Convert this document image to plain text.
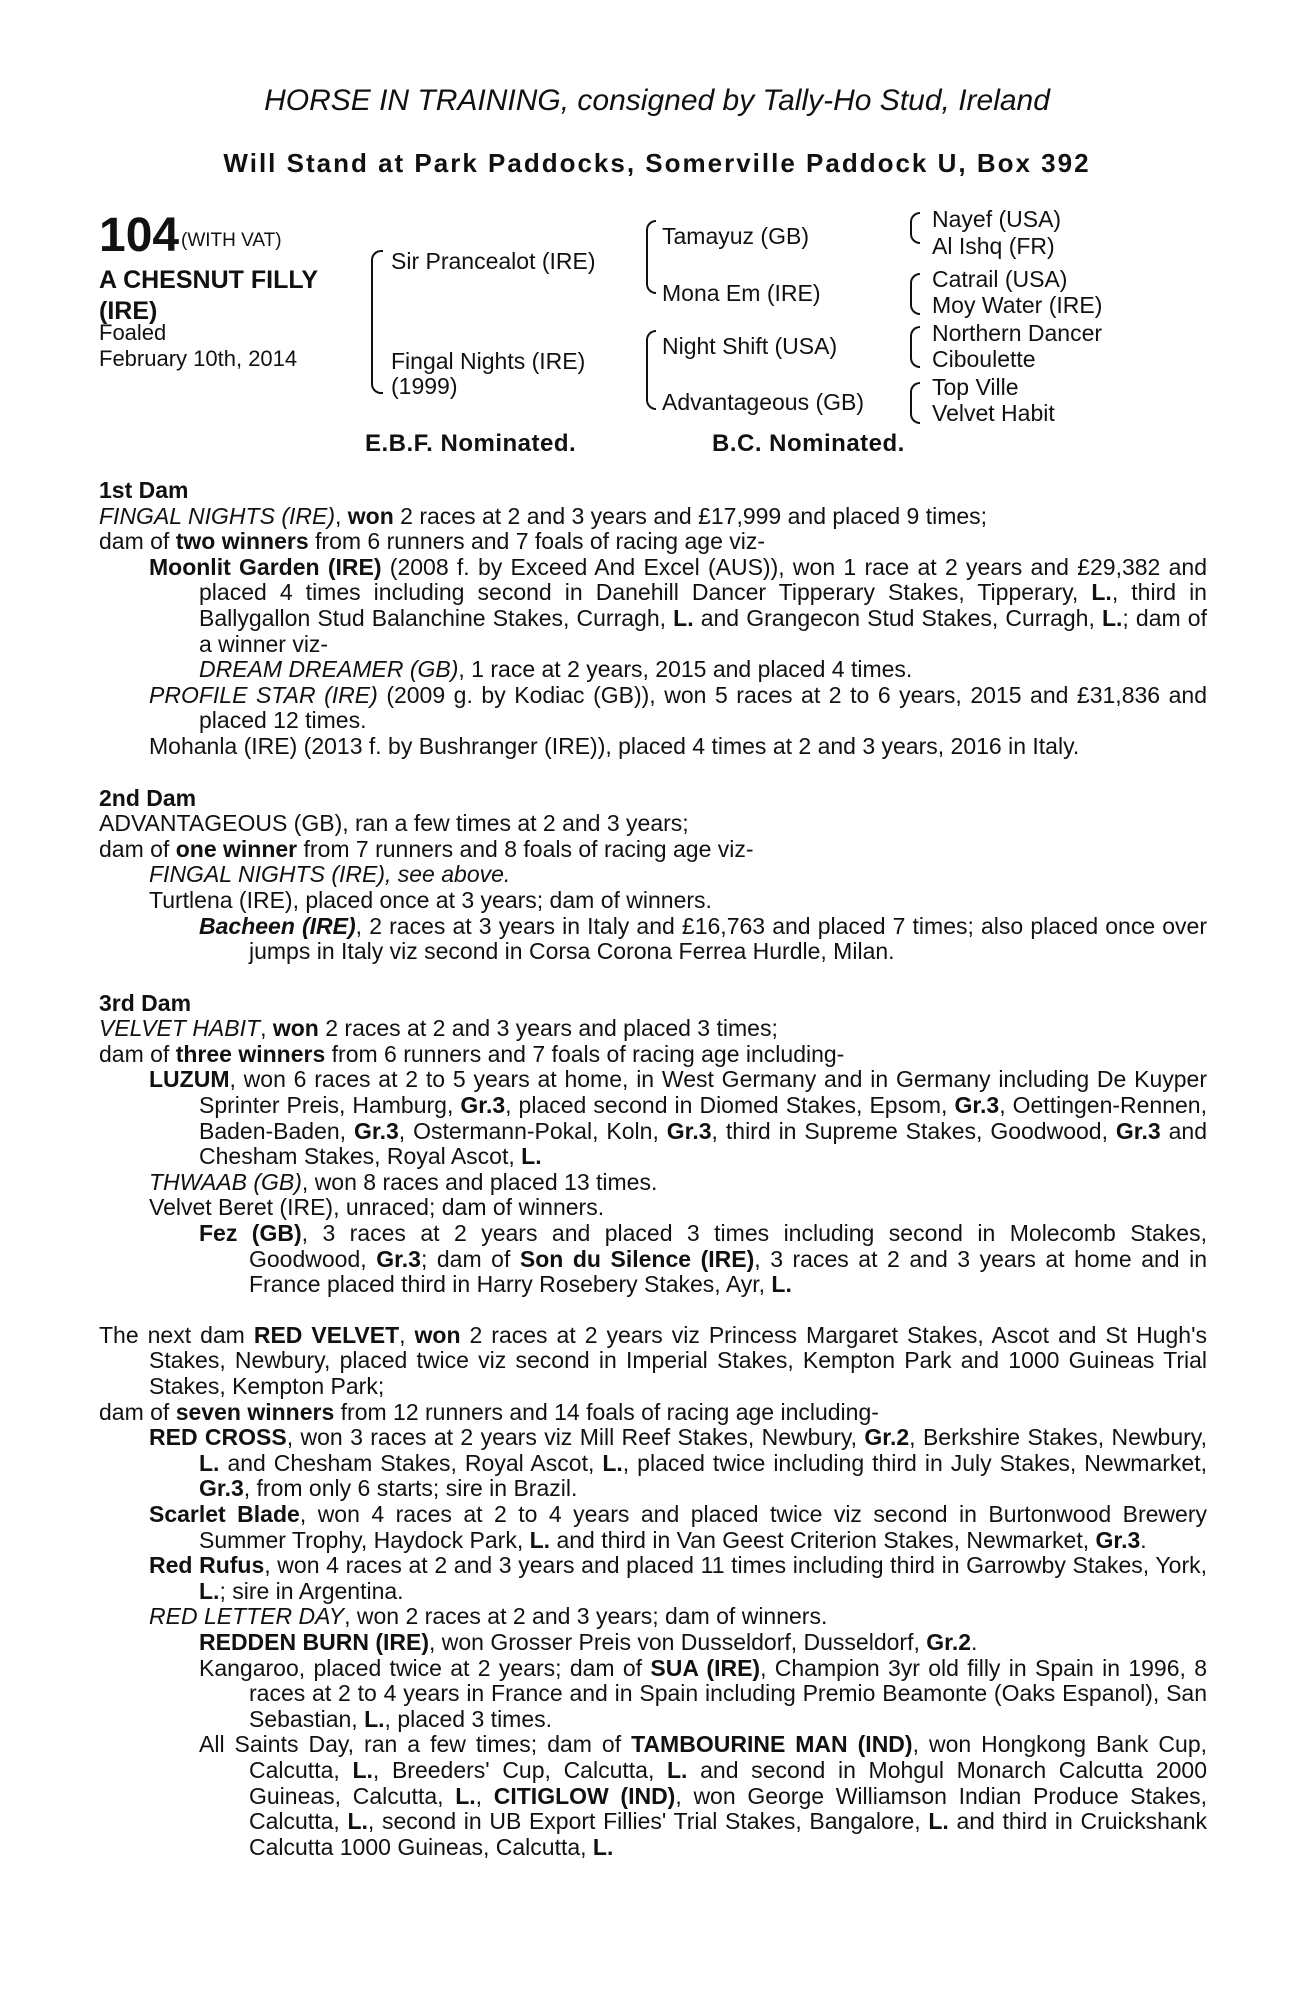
HORSE IN TRAINING, consigned by Tally-Ho Stud, Ireland
Will Stand at Park Paddocks, Somerville Paddock U, Box 392
104 (WITH VAT)
A CHESNUT FILLY
(IRE)
Foaled
February 10th, 2014
Sir Prancealot (IRE)
Fingal Nights (IRE)
(1999)
Tamayuz (GB)
Mona Em (IRE)
Night Shift (USA)
Advantageous (GB)
Nayef (USA)
Al Ishq (FR)
Catrail (USA)
Moy Water (IRE)
Northern Dancer
Ciboulette
Top Ville
Velvet Habit
E.B.F. Nominated.	B.C. Nominated.
1st Dam
FINGAL NIGHTS (IRE), won 2 races at 2 and 3 years and £17,999 and placed 9 times;
dam of two winners from 6 runners and 7 foals of racing age viz-
Moonlit Garden (IRE) (2008 f. by Exceed And Excel (AUS)), won 1 race at 2 years and £29,382 and placed 4 times including second in Danehill Dancer Tipperary Stakes, Tipperary, L., third in Ballygallon Stud Balanchine Stakes, Curragh, L. and Grangecon Stud Stakes, Curragh, L.; dam of a winner viz-
DREAM DREAMER (GB), 1 race at 2 years, 2015 and placed 4 times.
PROFILE STAR (IRE) (2009 g. by Kodiac (GB)), won 5 races at 2 to 6 years, 2015 and £31,836 and placed 12 times.
Mohanla (IRE) (2013 f. by Bushranger (IRE)), placed 4 times at 2 and 3 years, 2016 in Italy.
2nd Dam
ADVANTAGEOUS (GB), ran a few times at 2 and 3 years;
dam of one winner from 7 runners and 8 foals of racing age viz-
FINGAL NIGHTS (IRE), see above.
Turtlena (IRE), placed once at 3 years; dam of winners.
Bacheen (IRE), 2 races at 3 years in Italy and £16,763 and placed 7 times; also placed once over jumps in Italy viz second in Corsa Corona Ferrea Hurdle, Milan.
3rd Dam
VELVET HABIT, won 2 races at 2 and 3 years and placed 3 times;
dam of three winners from 6 runners and 7 foals of racing age including-
LUZUM, won 6 races at 2 to 5 years at home, in West Germany and in Germany including De Kuyper Sprinter Preis, Hamburg, Gr.3, placed second in Diomed Stakes, Epsom, Gr.3, Oettingen-Rennen, Baden-Baden, Gr.3, Ostermann-Pokal, Koln, Gr.3, third in Supreme Stakes, Goodwood, Gr.3 and Chesham Stakes, Royal Ascot, L.
THWAAB (GB), won 8 races and placed 13 times.
Velvet Beret (IRE), unraced; dam of winners.
Fez (GB), 3 races at 2 years and placed 3 times including second in Molecomb Stakes, Goodwood, Gr.3; dam of Son du Silence (IRE), 3 races at 2 and 3 years at home and in France placed third in Harry Rosebery Stakes, Ayr, L.
The next dam RED VELVET, won 2 races at 2 years viz Princess Margaret Stakes, Ascot and St Hugh's Stakes, Newbury, placed twice viz second in Imperial Stakes, Kempton Park and 1000 Guineas Trial Stakes, Kempton Park;
dam of seven winners from 12 runners and 14 foals of racing age including-
RED CROSS, won 3 races at 2 years viz Mill Reef Stakes, Newbury, Gr.2, Berkshire Stakes, Newbury, L. and Chesham Stakes, Royal Ascot, L., placed twice including third in July Stakes, Newmarket, Gr.3, from only 6 starts; sire in Brazil.
Scarlet Blade, won 4 races at 2 to 4 years and placed twice viz second in Burtonwood Brewery Summer Trophy, Haydock Park, L. and third in Van Geest Criterion Stakes, Newmarket, Gr.3.
Red Rufus, won 4 races at 2 and 3 years and placed 11 times including third in Garrowby Stakes, York, L.; sire in Argentina.
RED LETTER DAY, won 2 races at 2 and 3 years; dam of winners.
REDDEN BURN (IRE), won Grosser Preis von Dusseldorf, Dusseldorf, Gr.2.
Kangaroo, placed twice at 2 years; dam of SUA (IRE), Champion 3yr old filly in Spain in 1996, 8 races at 2 to 4 years in France and in Spain including Premio Beamonte (Oaks Espanol), San Sebastian, L., placed 3 times.
All Saints Day, ran a few times; dam of TAMBOURINE MAN (IND), won Hongkong Bank Cup, Calcutta, L., Breeders' Cup, Calcutta, L. and second in Mohgul Monarch Calcutta 2000 Guineas, Calcutta, L., CITIGLOW (IND), won George Williamson Indian Produce Stakes, Calcutta, L., second in UB Export Fillies' Trial Stakes, Bangalore, L. and third in Cruickshank Calcutta 1000 Guineas, Calcutta, L.
